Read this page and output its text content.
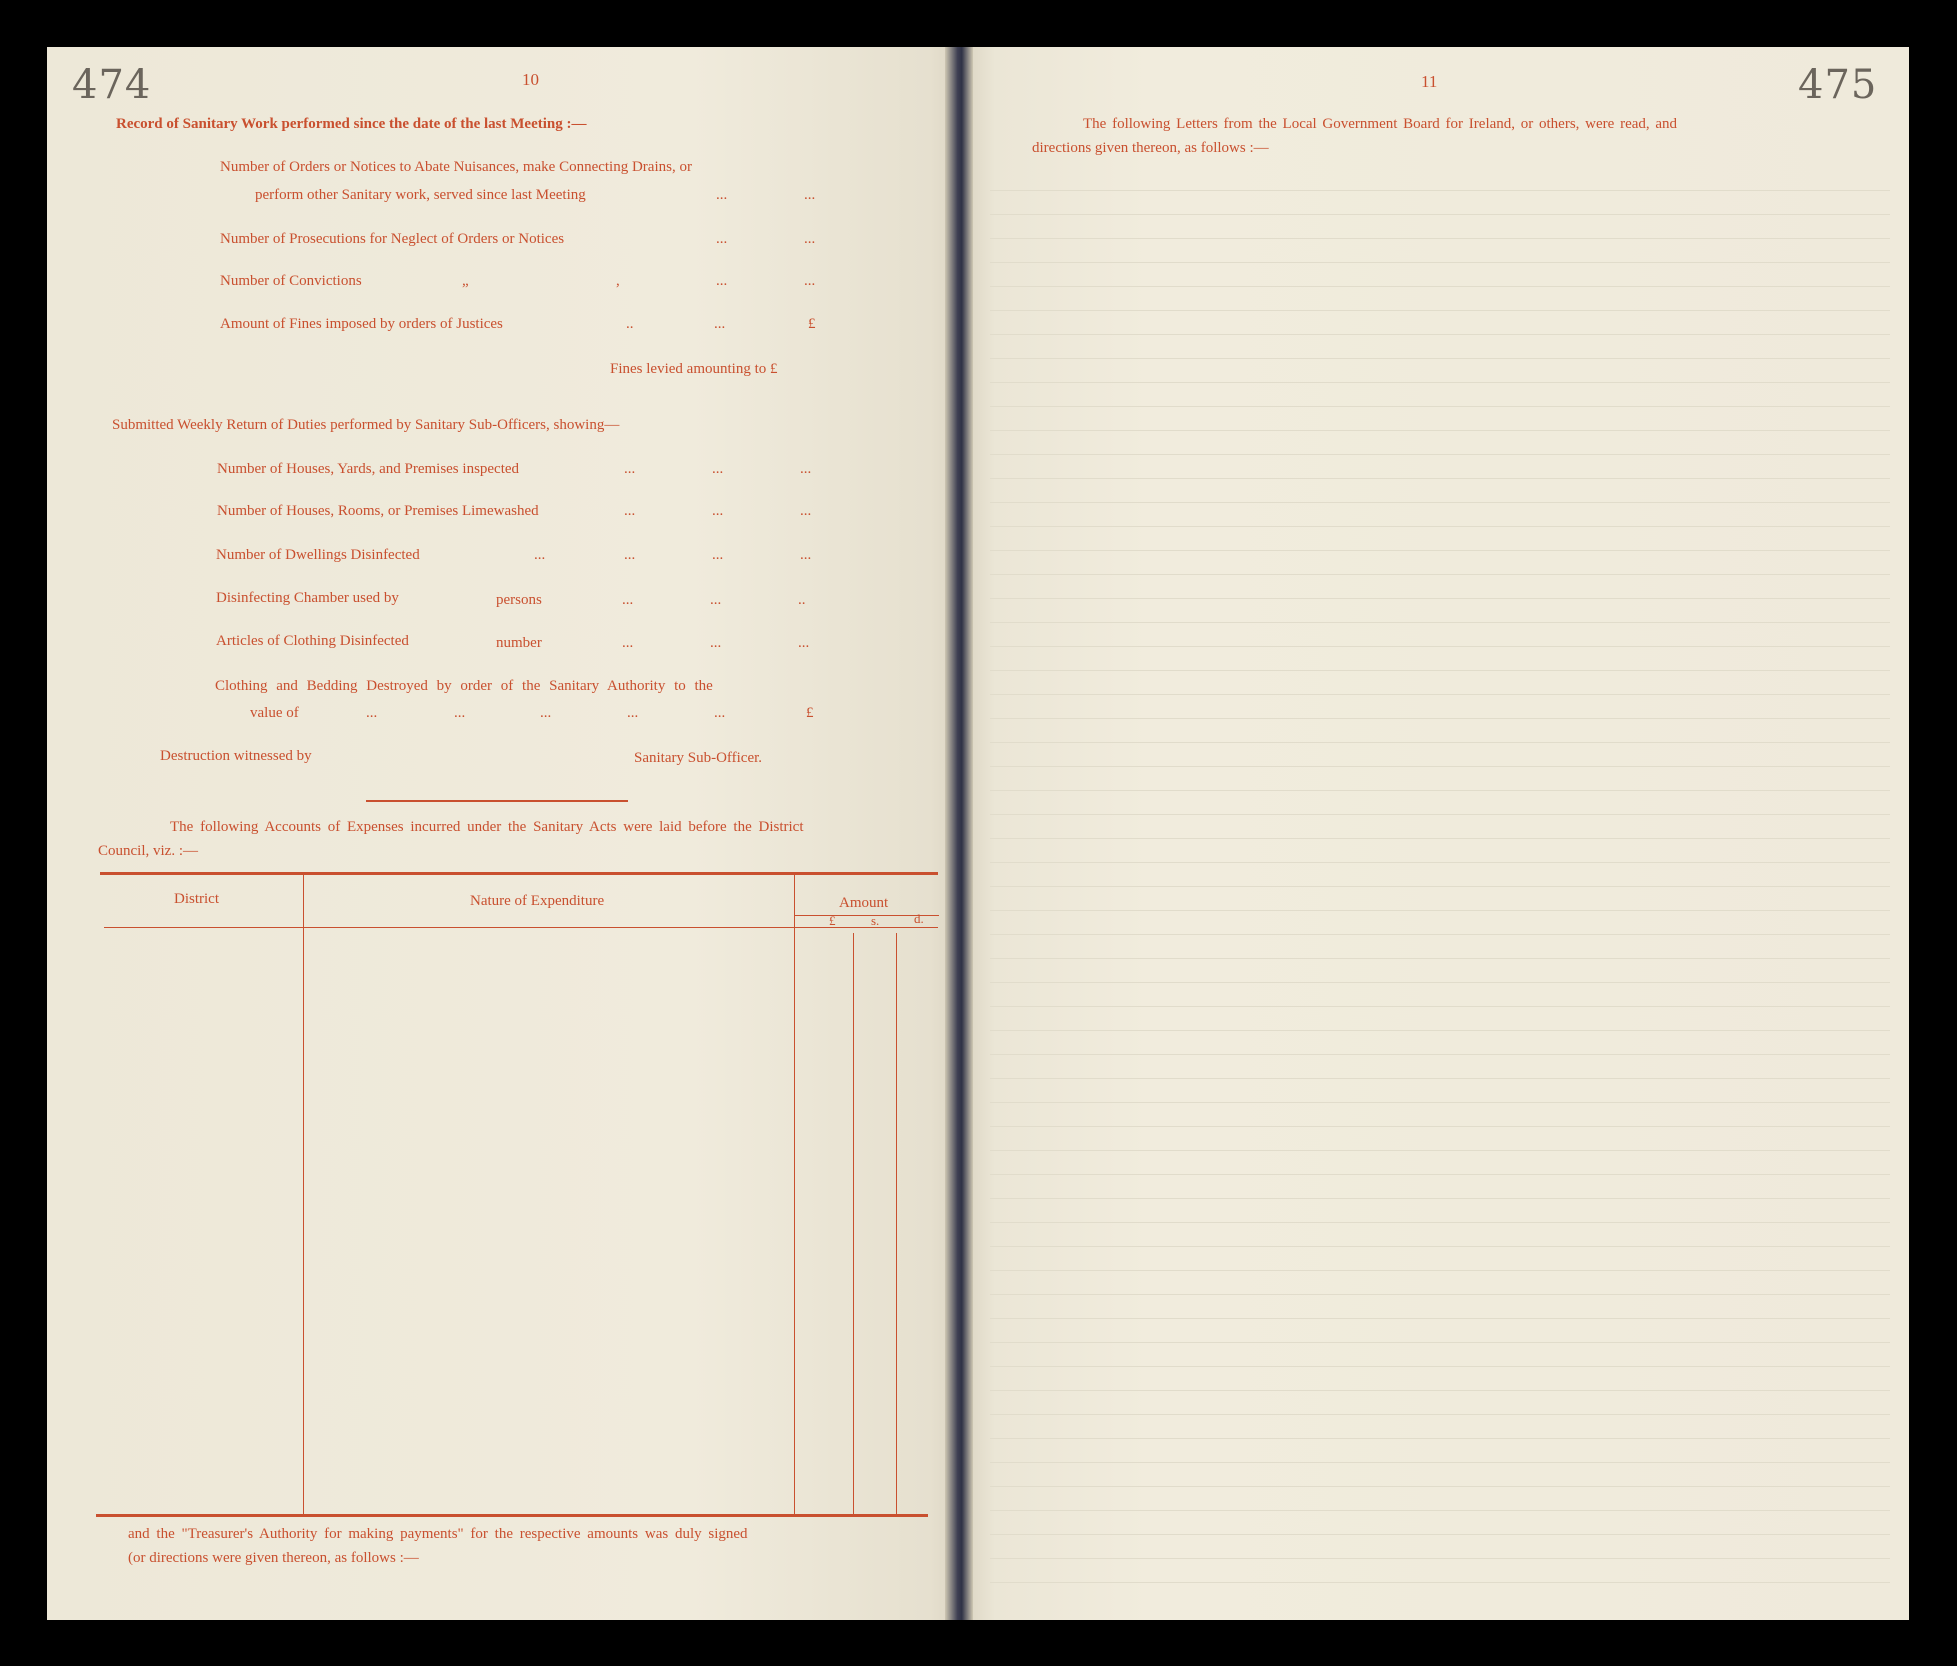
474	10
Record of Sanitary Work performed since the date of the last Meeting :—
Number of Orders or Notices to Abate Nuisances, make Connecting Drains, or
perform other Sanitary work, served since last Meeting	...	...
Number of Prosecutions for Neglect of Orders or Notices	...	...
Number of Convictions	„	,	...	...
Amount of Fines imposed by orders of Justices	..	...	£
Fines levied amounting to £
Submitted Weekly Return of Duties performed by Sanitary Sub-Officers, showing—
Number of Houses, Yards, and Premises inspected	...	...	...
Number of Houses, Rooms, or Premises Limewashed	...	...	...
Number of Dwellings Disinfected	...	...	...	...
Disinfecting Chamber used by	persons	...	...	..
Articles of Clothing Disinfected	number	...	...	...
Clothing and Bedding Destroyed by order of the Sanitary Authority to the
value of	...	...	...	...	...	£
Destruction witnessed by	Sanitary Sub-Officer.
The following Accounts of Expenses incurred under the Sanitary Acts were laid before the District
Council, viz. :—
District	Nature of Expenditure	Amount
£	s.	d.
and the "Treasurer's Authority for making payments" for the respective amounts was duly signed
(or directions were given thereon, as follows :—
11	475
The following Letters from the Local Government Board for Ireland, or others, were read, and
directions given thereon, as follows :—
